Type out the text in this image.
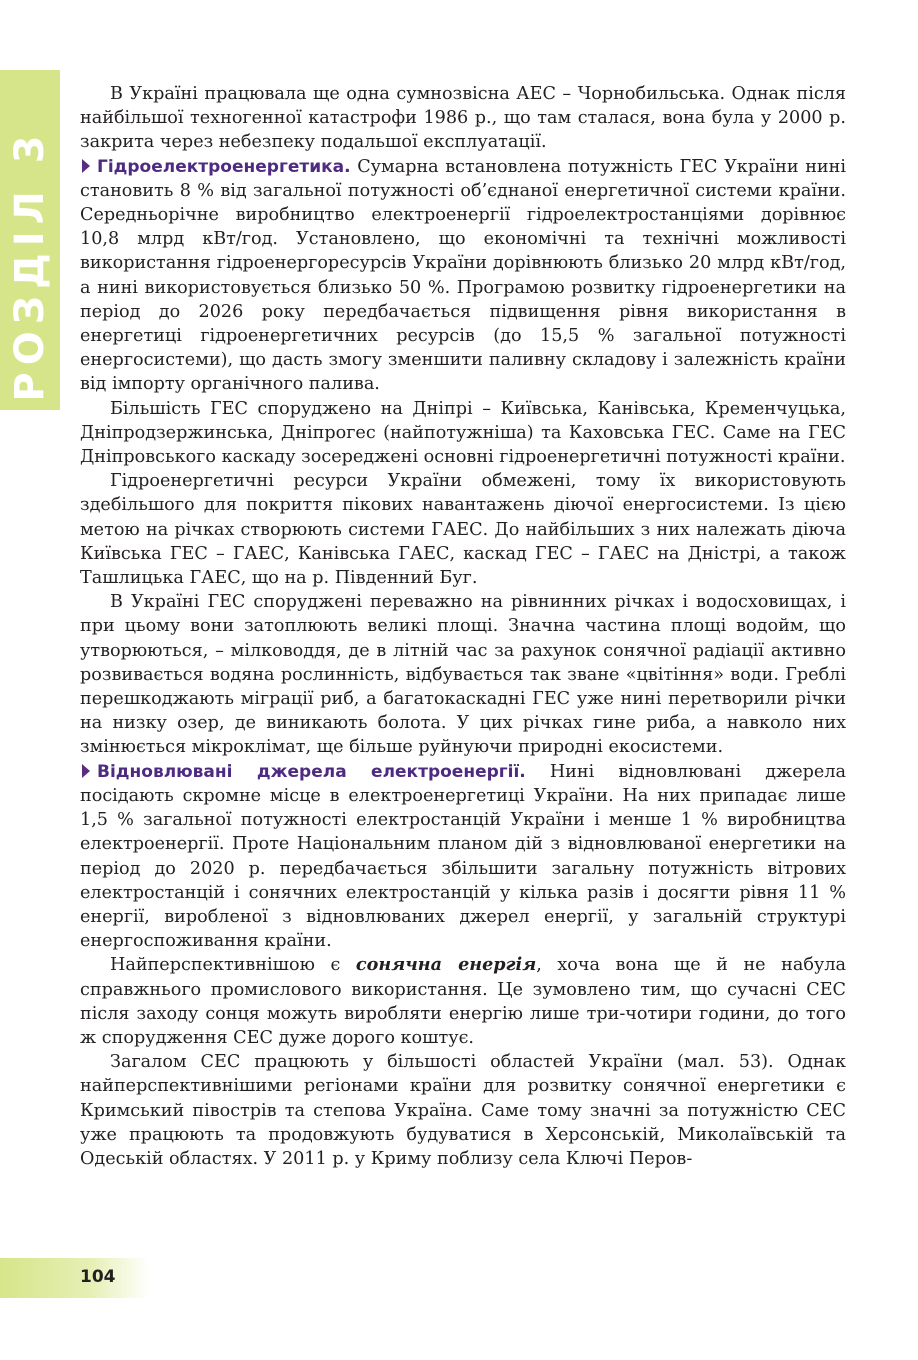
РОЗДІЛ 3

В Україні працювала ще одна сумнозвісна АЕС – Чорнобильська. Однак після найбільшої техногенної катастрофи 1986 р., що там сталася, вона була у 2000 р. закрита через небезпеку подальшої експлуатації.

Гідроелектроенергетика. Сумарна встановлена потужність ГЕС України нині становить 8 % від загальної потужності об’єднаної енергетичної системи країни. Середньорічне виробництво електроенергії гідроелектростанціями дорівнює 10,8 млрд кВт/год. Установлено, що економічні та технічні можливості використання гідроенергоресурсів України дорівнюють близько 20 млрд кВт/год, а нині використовується близько 50 %. Програмою розвитку гідроенергетики на період до 2026 року передбачається підвищення рівня використання в енергетиці гідроенергетичних ресурсів (до 15,5 % загальної потужності енергосистеми), що дасть змогу зменшити паливну складову і залежність країни від імпорту органічного палива.

Більшість ГЕС споруджено на Дніпрі – Київська, Канівська, Кременчуцька, Дніпродзержинська, Дніпрогес (найпотужніша) та Каховська ГЕС. Саме на ГЕС Дніпровського каскаду зосереджені основні гідроенергетичні потужності країни.

Гідроенергетичні ресурси України обмежені, тому їх використовують здебільшого для покриття пікових навантажень діючої енергосистеми. Із цією метою на річках створюють системи ГАЕС. До найбільших з них належать діюча Київська ГЕС – ГАЕС, Канівська ГАЕС, каскад ГЕС – ГАЕС на Дністрі, а також Ташлицька ГАЕС, що на р. Південний Буг.

В Україні ГЕС споруджені переважно на рівнинних річках і водосховищах, і при цьому вони затоплюють великі площі. Значна частина площі водойм, що утворюються, – мілководдя, де в літній час за рахунок сонячної радіації активно розвивається водяна рослинність, відбувається так зване «цвітіння» води. Греблі перешкоджають міграції риб, а багатокаскадні ГЕС уже нині перетворили річки на низку озер, де виникають болота. У цих річках гине риба, а навколо них змінюється мікроклімат, ще більше руйнуючи природні екосистеми.

Відновлювані джерела електроенергії. Нині відновлювані джерела посідають скромне місце в електроенергетиці України. На них припадає лише 1,5 % загальної потужності електростанцій України і менше 1 % виробництва електроенергії. Проте Національним планом дій з відновлюваної енергетики на період до 2020 р. передбачається збільшити загальну потужність вітрових електростанцій і сонячних електростанцій у кілька разів і досягти рівня 11 % енергії, виробленої з відновлюваних джерел енергії, у загальній структурі енергоспоживання країни.

Найперспективнішою є сонячна енергія, хоча вона ще й не набула справжнього промислового використання. Це зумовлено тим, що сучасні СЕС після заходу сонця можуть виробляти енергію лише три-чотири години, до того ж спорудження СЕС дуже дорого коштує.

Загалом СЕС працюють у більшості областей України (мал. 53). Однак найперспективнішими регіонами країни для розвитку сонячної енергетики є Кримський півострів та степова Україна. Саме тому значні за потужністю СЕС уже працюють та продовжують будуватися в Херсонській, Миколаївській та Одеській областях. У 2011 р. у Криму поблизу села Ключі Перов-

104
